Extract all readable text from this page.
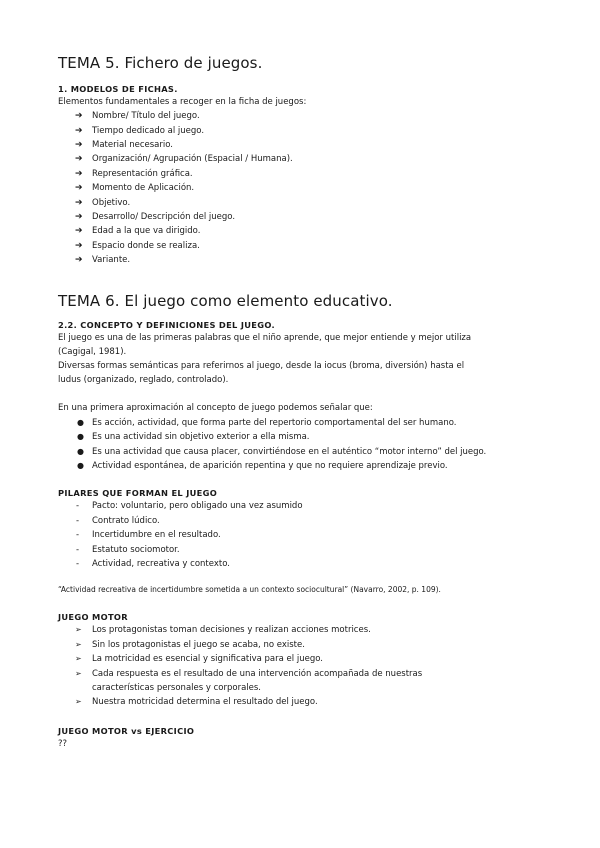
TEMA 5. Fichero de juegos.
1. MODELOS DE FICHAS.

Elementos fundamentales a recoger en la ficha de juegos:

➔	Nombre/ Título del juego.
➔	Tiempo dedicado al juego.
➔	Material necesario.
➔	Organización/ Agrupación (Espacial / Humana).
➔	Representación gráfica.
➔	Momento de Aplicación.
➔	Objetivo.
➔	Desarrollo/ Descripción del juego.
➔	Edad a la que va dirigido.
➔	Espacio donde se realiza.
➔	Variante.
TEMA 6. El juego como elemento educativo.
2.2. CONCEPTO Y DEFINICIONES DEL JUEGO.

El juego es una de las primeras palabras que el niño aprende, que mejor entiende y mejor utiliza

(Cagigal, 1981).

Diversas formas semánticas para referirnos al juego, desde la iocus (broma, diversión) hasta el

ludus (organizado, reglado, controlado).

En una primera aproximación al concepto de juego podemos señalar que:

● Es acción, actividad, que forma parte del repertorio comportamental del ser humano.
● Es una actividad sin objetivo exterior a ella misma.
● Es una actividad que causa placer, convirtiéndose en el auténtico “motor interno” del juego.
● Actividad espontánea, de aparición repentina y que no requiere aprendizaje previo.
PILARES QUE FORMAN EL JUEGO
-	Pacto: voluntario, pero obligado una vez asumido
-	Contrato lúdico.
-	Incertidumbre en el resultado.
-	Estatuto sociomotor.
-	Actividad, recreativa y contexto.

“Actividad recreativa de incertidumbre sometida a un contexto sociocultural” (Navarro, 2002, p. 109).

JUEGO MOTOR
➢	Los protagonistas toman decisiones y realizan acciones motrices.
➢	Sin los protagonistas el juego se acaba, no existe.
➢	La motricidad es esencial y significativa para el juego.
➢	Cada respuesta es el resultado de una intervención acompañada de nuestras
características personales y corporales.
➢	Nuestra motricidad determina el resultado del juego.
JUEGO MOTOR vs EJERCICIO

??
